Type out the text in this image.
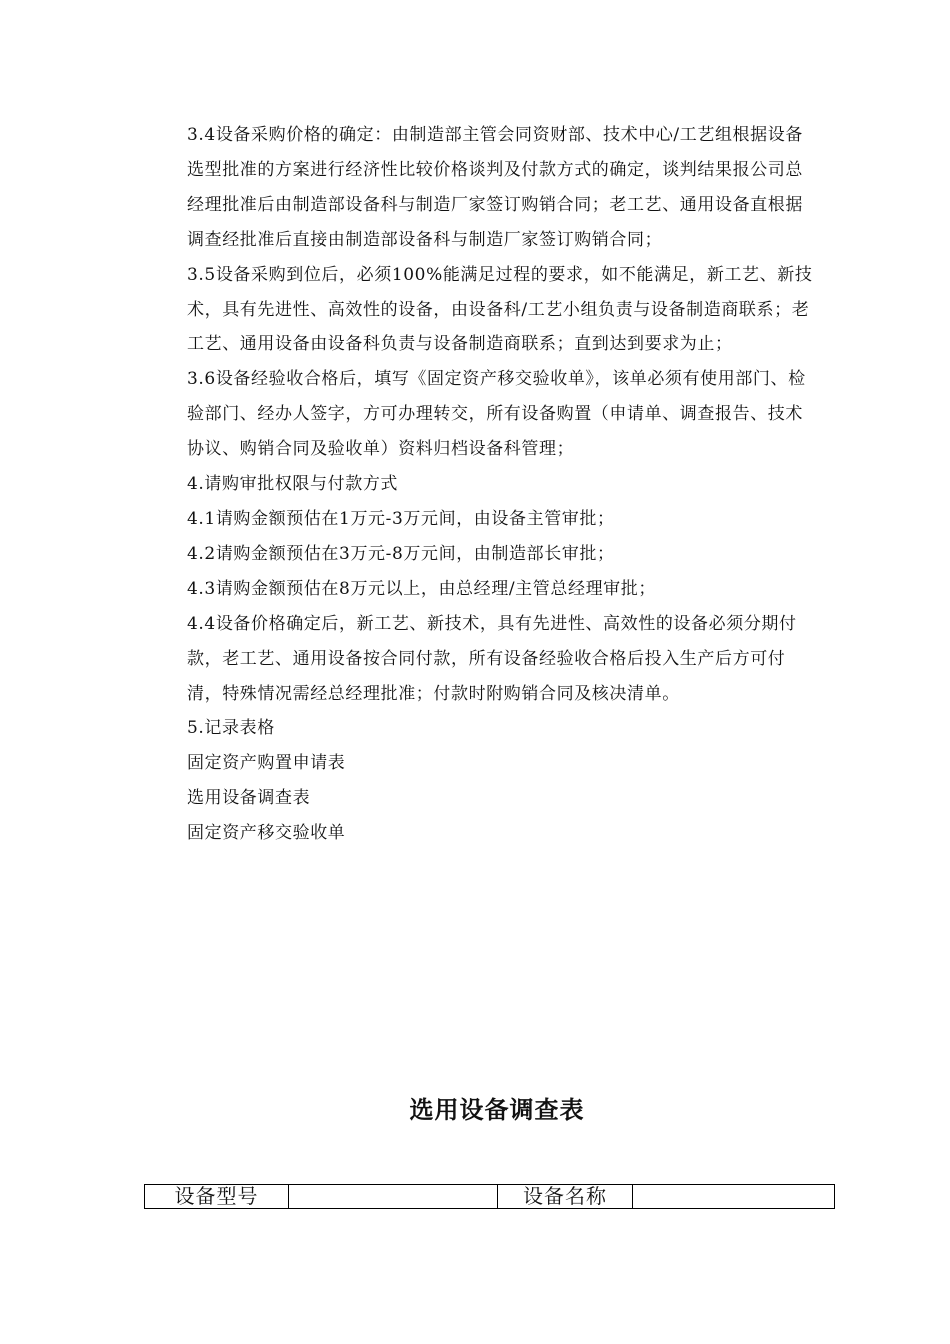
3.4设备采购价格的确定：由制造部主管会同资财部、技术中心/工艺组根据设备选型批准的方案进行经济性比较价格谈判及付款方式的确定，谈判结果报公司总经理批准后由制造部设备科与制造厂家签订购销合同；老工艺、通用设备直根据调查经批准后直接由制造部设备科与制造厂家签订购销合同；

3.5设备采购到位后，必须100%能满足过程的要求，如不能满足，新工艺、新技术，具有先进性、高效性的设备，由设备科/工艺小组负责与设备制造商联系；老工艺、通用设备由设备科负责与设备制造商联系；直到达到要求为止；

3.6设备经验收合格后，填写《固定资产移交验收单》，该单必须有使用部门、检验部门、经办人签字，方可办理转交，所有设备购置（申请单、调查报告、技术协议、购销合同及验收单）资料归档设备科管理；

4.请购审批权限与付款方式

4.1请购金额预估在1万元-3万元间，由设备主管审批；

4.2请购金额预估在3万元-8万元间，由制造部长审批；

4.3请购金额预估在8万元以上，由总经理/主管总经理审批；

4.4设备价格确定后，新工艺、新技术，具有先进性、高效性的设备必须分期付款，老工艺、通用设备按合同付款，所有设备经验收合格后投入生产后方可付清，特殊情况需经总经理批准；付款时附购销合同及核决清单。

5.记录表格

固定资产购置申请表

选用设备调查表

固定资产移交验收单

选用设备调查表
设备型号		设备名称	
